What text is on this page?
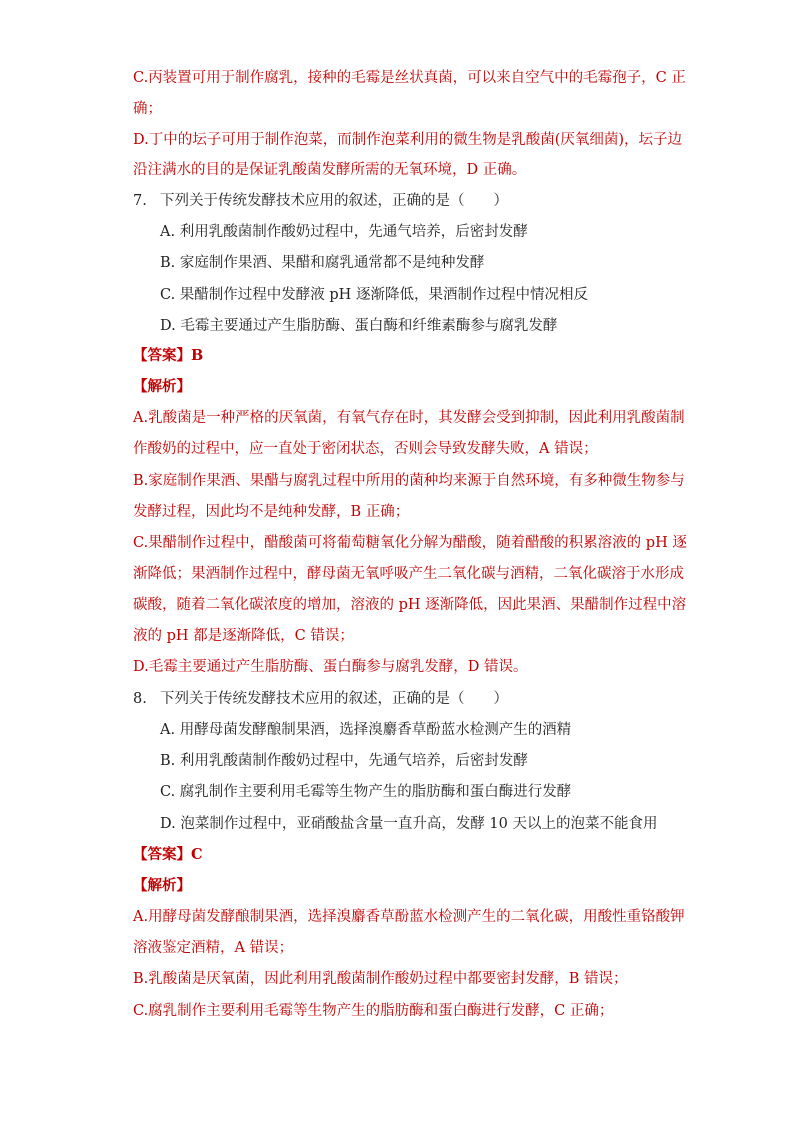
C.丙装置可用于制作腐乳，接种的毛霉是丝状真菌，可以来自空气中的毛霉孢子，C 正
确；
D.丁中的坛子可用于制作泡菜，而制作泡菜利用的微生物是乳酸菌(厌氧细菌)，坛子边
沿注满水的目的是保证乳酸菌发酵所需的无氧环境，D 正确。
7. 下列关于传统发酵技术应用的叙述，正确的是（　　）
A. 利用乳酸菌制作酸奶过程中，先通气培养，后密封发酵
B. 家庭制作果酒、果醋和腐乳通常都不是纯种发酵
C. 果醋制作过程中发酵液 pH 逐渐降低，果酒制作过程中情况相反
D. 毛霉主要通过产生脂肪酶、蛋白酶和纤维素酶参与腐乳发酵
【答案】B
【解析】
A.乳酸菌是一种严格的厌氧菌，有氧气存在时，其发酵会受到抑制，因此利用乳酸菌制
作酸奶的过程中，应一直处于密闭状态，否则会导致发酵失败，A 错误；
B.家庭制作果酒、果醋与腐乳过程中所用的菌种均来源于自然环境，有多种微生物参与
发酵过程，因此均不是纯种发酵，B 正确；
C.果醋制作过程中，醋酸菌可将葡萄糖氧化分解为醋酸，随着醋酸的积累溶液的 pH 逐
渐降低；果酒制作过程中，酵母菌无氧呼吸产生二氧化碳与酒精，二氧化碳溶于水形成
碳酸，随着二氧化碳浓度的增加，溶液的 pH 逐渐降低，因此果酒、果醋制作过程中溶
液的 pH 都是逐渐降低，C 错误；
D.毛霉主要通过产生脂肪酶、蛋白酶参与腐乳发酵，D 错误。
8. 下列关于传统发酵技术应用的叙述，正确的是（　　）
A. 用酵母菌发酵酿制果酒，选择溴麝香草酚蓝水检测产生的酒精
B. 利用乳酸菌制作酸奶过程中，先通气培养，后密封发酵
C. 腐乳制作主要利用毛霉等生物产生的脂肪酶和蛋白酶进行发酵
D. 泡菜制作过程中，亚硝酸盐含量一直升高，发酵 10 天以上的泡菜不能食用
【答案】C
【解析】
A.用酵母菌发酵酿制果酒，选择溴麝香草酚蓝水检测产生的二氧化碳，用酸性重铬酸钾
溶液鉴定酒精，A 错误；
B.乳酸菌是厌氧菌，因此利用乳酸菌制作酸奶过程中都要密封发酵，B 错误；
C.腐乳制作主要利用毛霉等生物产生的脂肪酶和蛋白酶进行发酵，C 正确；
